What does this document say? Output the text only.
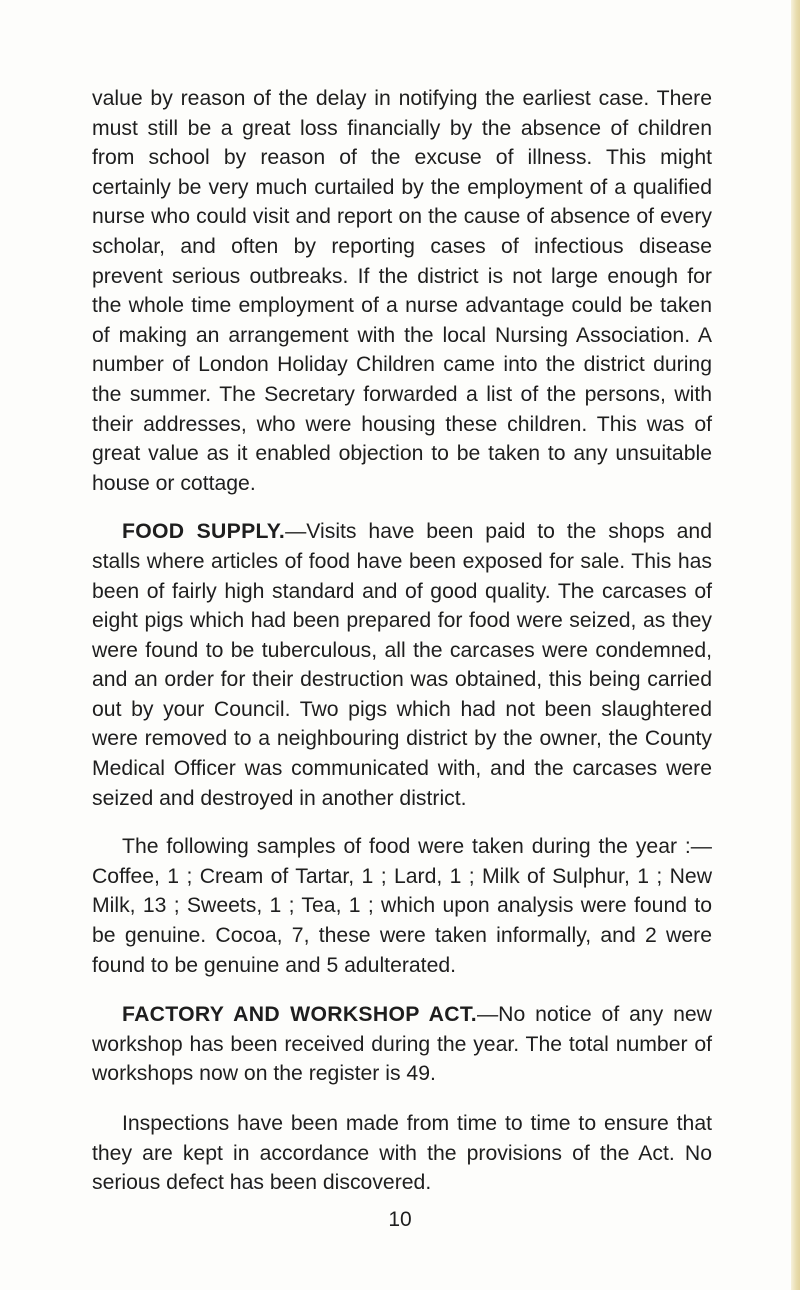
value by reason of the delay in notifying the earliest case. There must still be a great loss financially by the absence of children from school by reason of the excuse of illness. This might certainly be very much curtailed by the employment of a qualified nurse who could visit and report on the cause of absence of every scholar, and often by reporting cases of infectious disease prevent serious outbreaks. If the district is not large enough for the whole time employment of a nurse advantage could be taken of making an arrangement with the local Nursing Association. A number of London Holiday Children came into the district during the summer. The Secretary forwarded a list of the persons, with their addresses, who were housing these children. This was of great value as it enabled objection to be taken to any unsuitable house or cottage.

FOOD SUPPLY.—Visits have been paid to the shops and stalls where articles of food have been exposed for sale. This has been of fairly high standard and of good quality. The carcases of eight pigs which had been prepared for food were seized, as they were found to be tuberculous, all the carcases were condemned, and an order for their destruction was obtained, this being carried out by your Council. Two pigs which had not been slaughtered were removed to a neighbouring district by the owner, the County Medical Officer was communicated with, and the carcases were seized and destroyed in another district.

The following samples of food were taken during the year :— Coffee, 1 ; Cream of Tartar, 1 ; Lard, 1 ; Milk of Sulphur, 1 ; New Milk, 13 ; Sweets, 1 ; Tea, 1 ; which upon analysis were found to be genuine. Cocoa, 7, these were taken informally, and 2 were found to be genuine and 5 adulterated.

FACTORY AND WORKSHOP ACT.—No notice of any new workshop has been received during the year. The total number of workshops now on the register is 49.

Inspections have been made from time to time to ensure that they are kept in accordance with the provisions of the Act. No serious defect has been discovered.

10
